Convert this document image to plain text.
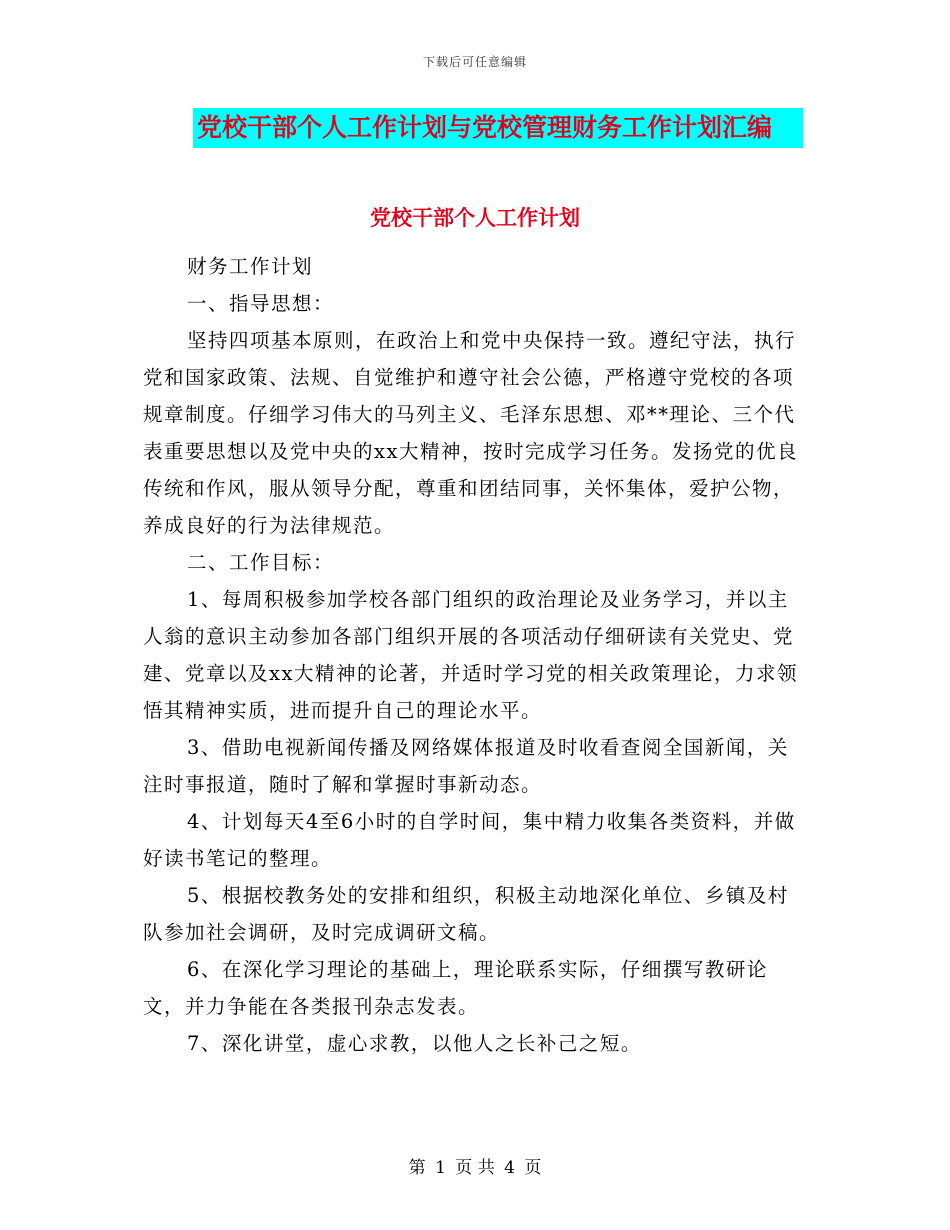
下载后可任意编辑
党校干部个人工作计划与党校管理财务工作计划汇编
党校干部个人工作计划

财务工作计划

一、指导思想：

坚持四项基本原则，在政治上和党中央保持一致。遵纪守法，执行党和国家政策、法规、自觉维护和遵守社会公德，严格遵守党校的各项规章制度。仔细学习伟大的马列主义、毛泽东思想、邓**理论、三个代表重要思想以及党中央的xx大精神，按时完成学习任务。发扬党的优良传统和作风，服从领导分配，尊重和团结同事，关怀集体，爱护公物，养成良好的行为法律规范。

二、工作目标：

1、每周积极参加学校各部门组织的政治理论及业务学习，并以主人翁的意识主动参加各部门组织开展的各项活动仔细研读有关党史、党建、党章以及xx大精神的论著，并适时学习党的相关政策理论，力求领悟其精神实质，进而提升自己的理论水平。

3、借助电视新闻传播及网络媒体报道及时收看查阅全国新闻，关注时事报道，随时了解和掌握时事新动态。

4、计划每天4至6小时的自学时间，集中精力收集各类资料，并做好读书笔记的整理。

5、根据校教务处的安排和组织，积极主动地深化单位、乡镇及村队参加社会调研，及时完成调研文稿。

6、在深化学习理论的基础上，理论联系实际，仔细撰写教研论文，并力争能在各类报刊杂志发表。

7、深化讲堂，虚心求教，以他人之长补己之短。

第 1 页 共 4 页
